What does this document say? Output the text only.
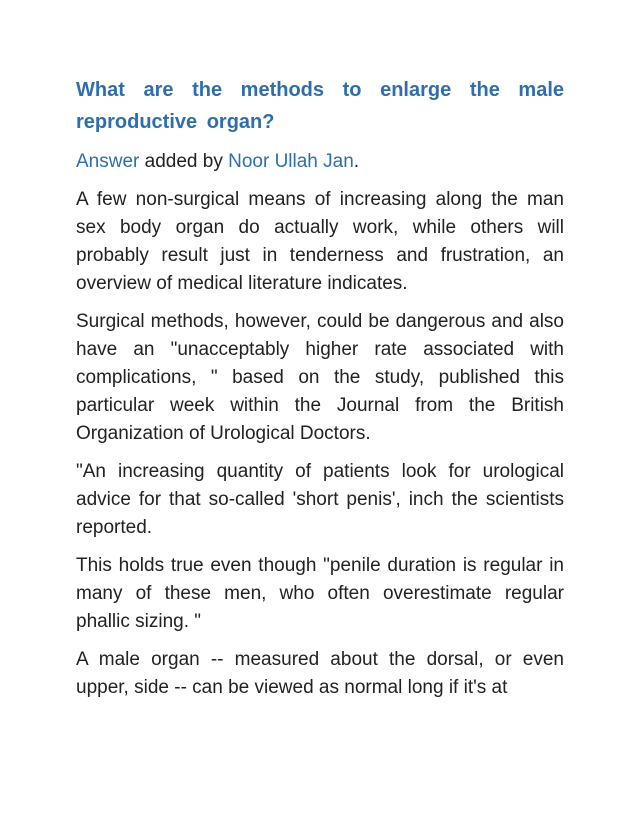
What are the methods to enlarge the male reproductive organ?

Answer added by Noor Ullah Jan.

A few non-surgical means of increasing along the man sex body organ do actually work, while others will probably result just in tenderness and frustration, an overview of medical literature indicates.

Surgical methods, however, could be dangerous and also have an "unacceptably higher rate associated with complications, " based on the study, published this particular week within the Journal from the British Organization of Urological Doctors.

"An increasing quantity of patients look for urological advice for that so-called 'short penis', inch the scientists reported.

This holds true even though "penile duration is regular in many of these men, who often overestimate regular phallic sizing. "

A male organ -- measured about the dorsal, or even upper, side -- can be viewed as normal long if it's at
